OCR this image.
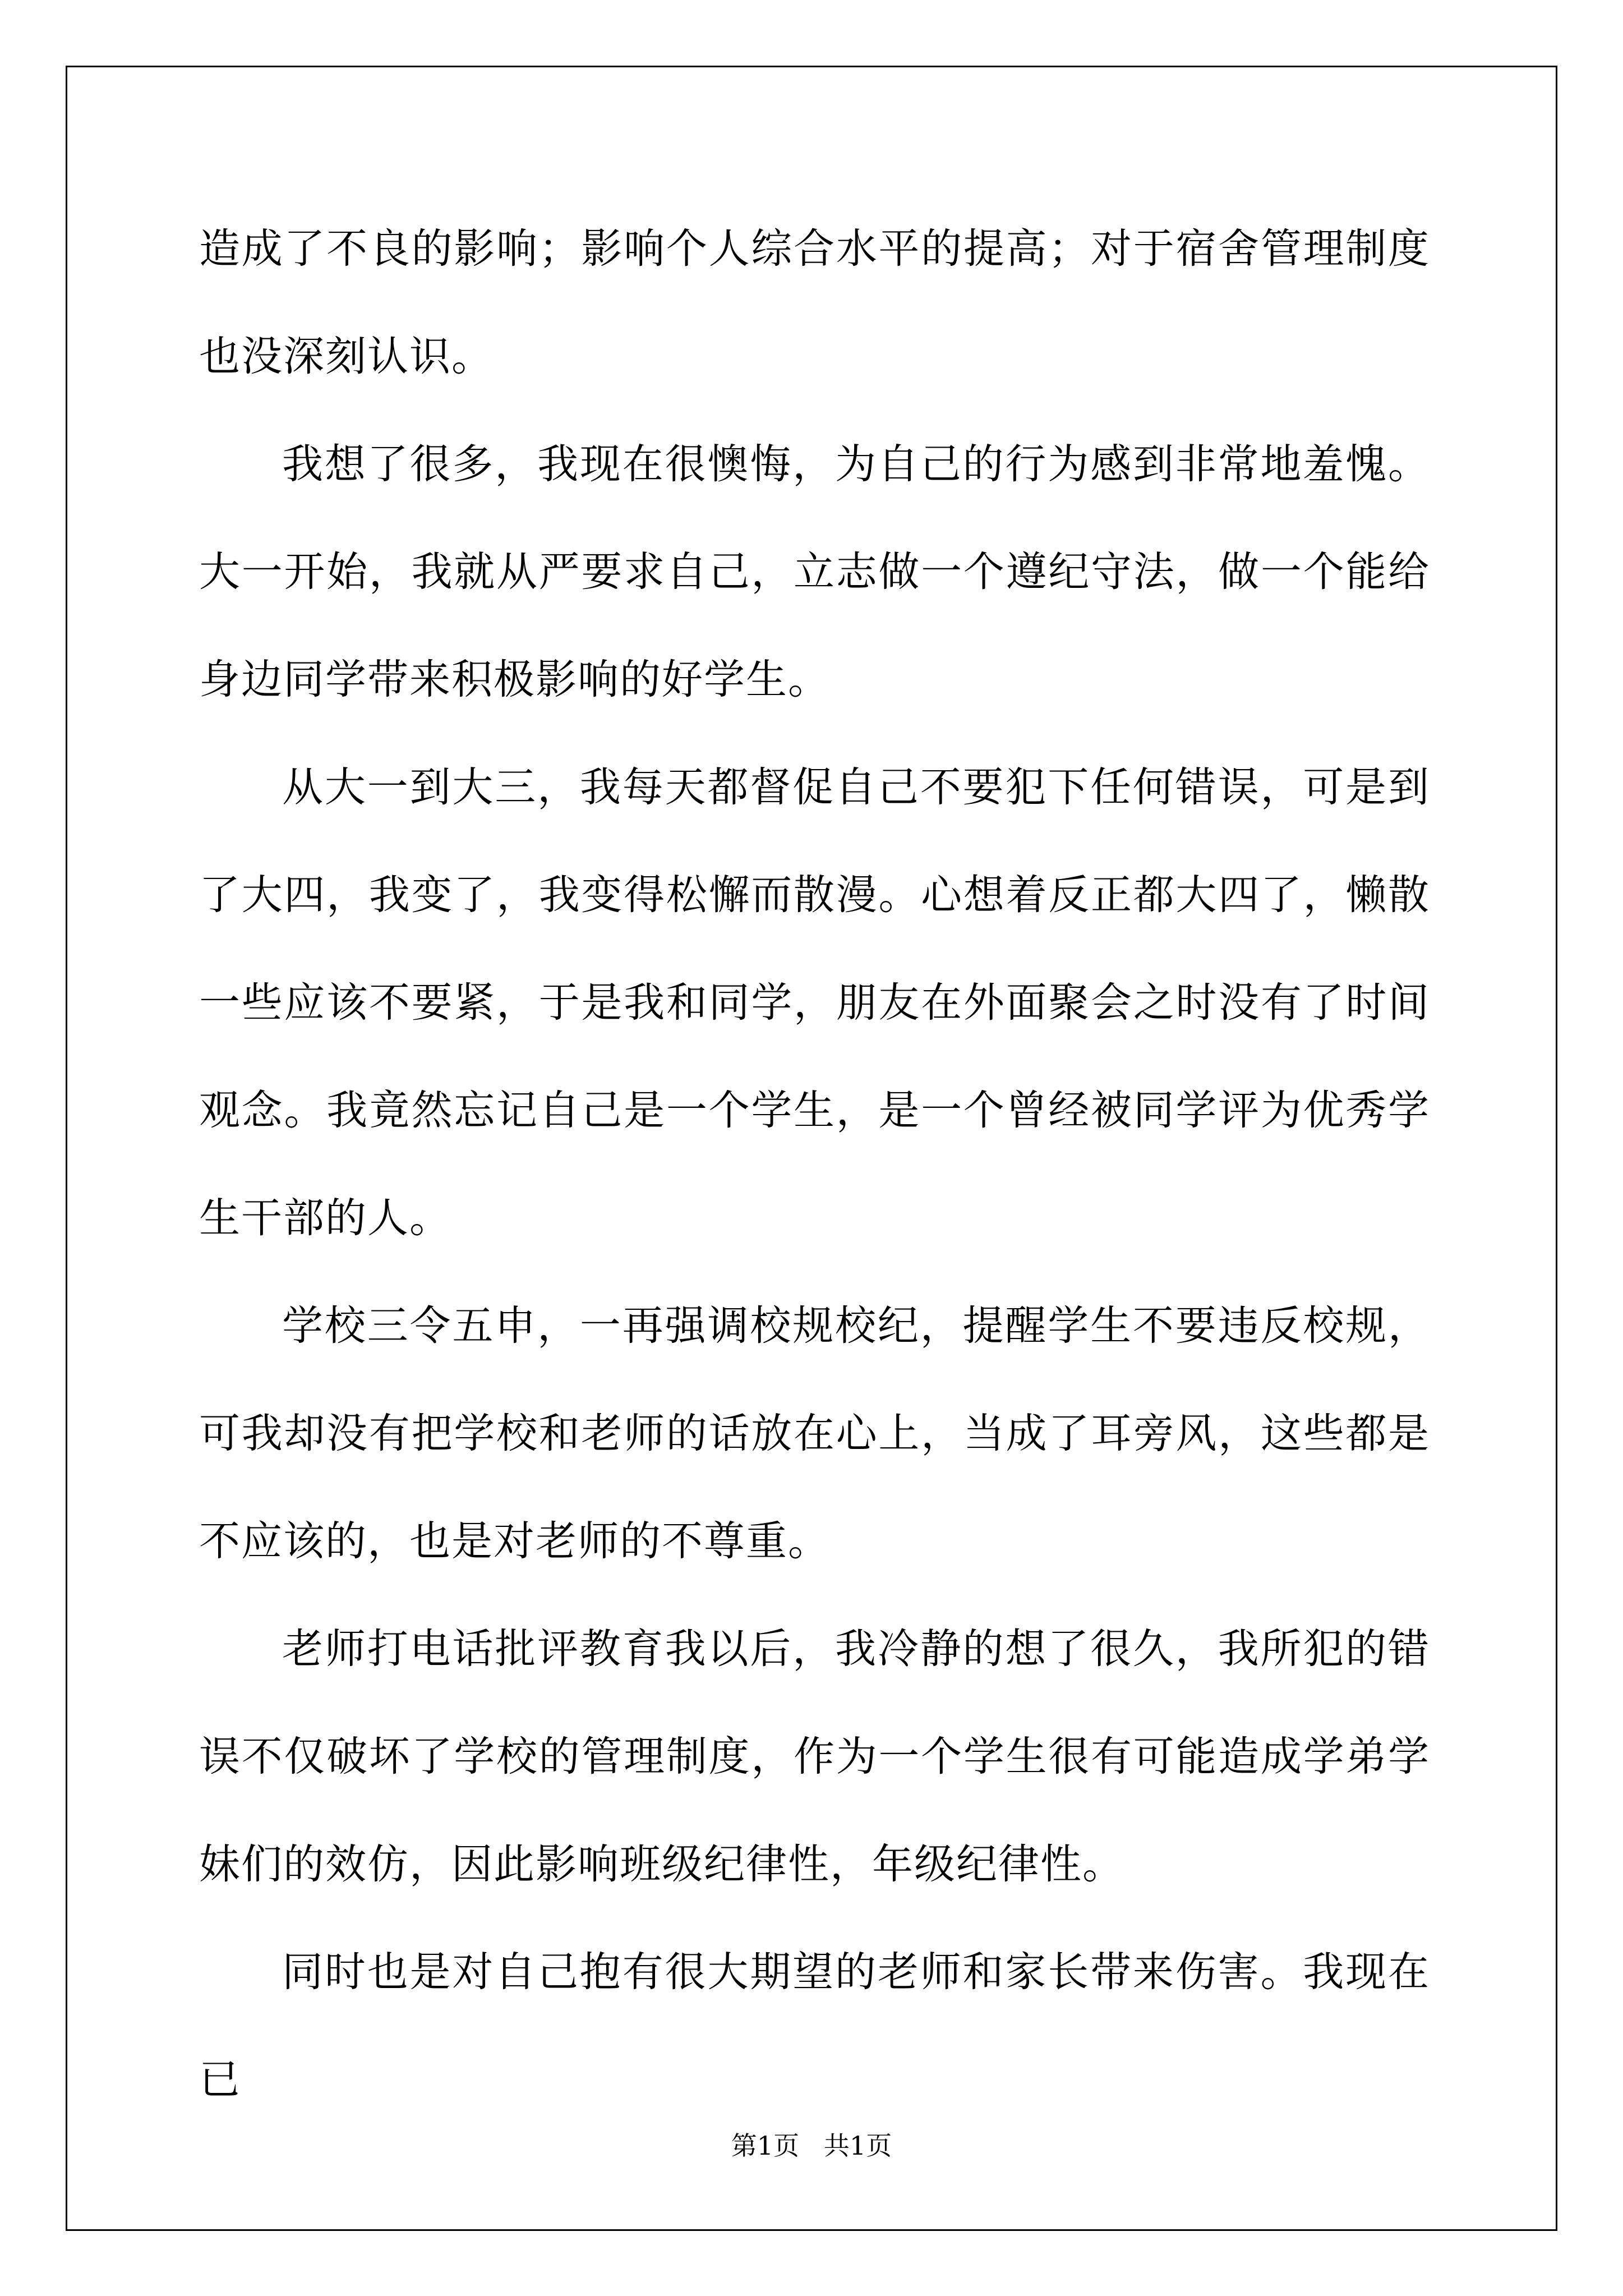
造成了不良的影响；影响个人综合水平的提高；对于宿舍管理制度也没深刻认识。

我想了很多，我现在很懊悔，为自己的行为感到非常地羞愧。大一开始，我就从严要求自己，立志做一个遵纪守法，做一个能给身边同学带来积极影响的好学生。

从大一到大三，我每天都督促自己不要犯下任何错误，可是到了大四，我变了，我变得松懈而散漫。心想着反正都大四了，懒散一些应该不要紧，于是我和同学，朋友在外面聚会之时没有了时间观念。我竟然忘记自己是一个学生，是一个曾经被同学评为优秀学生干部的人。

学校三令五申，一再强调校规校纪，提醒学生不要违反校规，可我却没有把学校和老师的话放在心上，当成了耳旁风，这些都是不应该的，也是对老师的不尊重。

老师打电话批评教育我以后，我冷静的想了很久，我所犯的错误不仅破坏了学校的管理制度，作为一个学生很有可能造成学弟学妹们的效仿，因此影响班级纪律性，年级纪律性。

同时也是对自己抱有很大期望的老师和家长带来伤害。我现在已

第1页   共1页
